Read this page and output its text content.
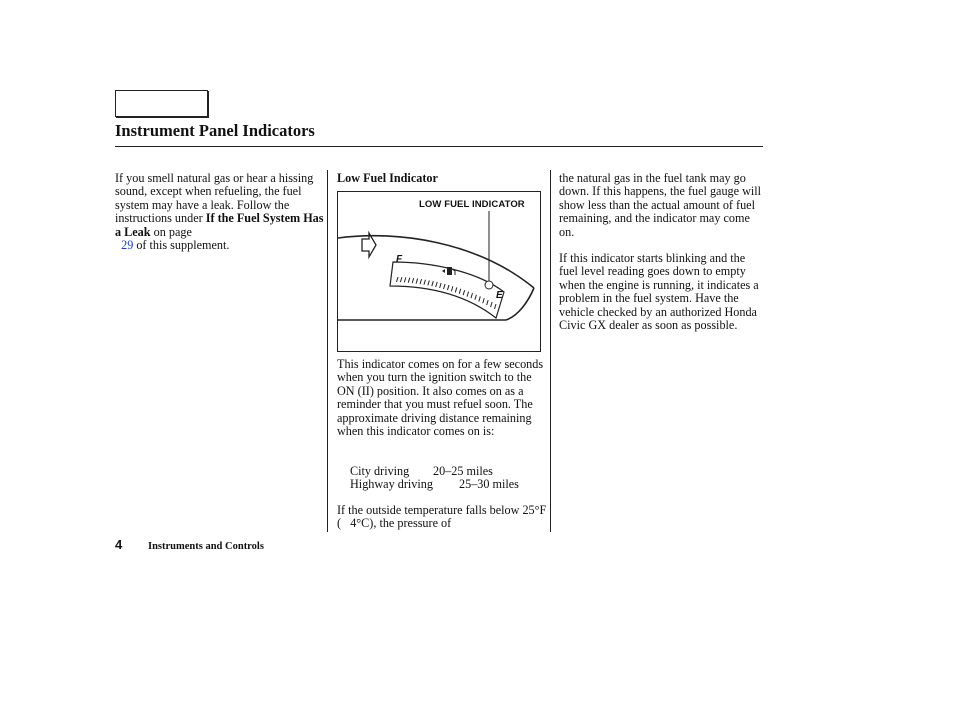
Instrument Panel Indicators

If you smell natural gas or hear a hissing sound, except when refueling, the fuel system may have a leak. Follow the instructions under If the Fuel System Has a Leak on page
29 of this supplement.

Low Fuel Indicator

LOW FUEL INDICATOR
F
E
This indicator comes on for a few seconds when you turn the ignition switch to the ON (II) position. It also comes on as a reminder that you must refuel soon. The approximate driving distance remaining when this indicator comes on is:
City driving 20–25 miles
Highway driving 25–30 miles
If the outside temperature falls below 25°F (   4°C), the pressure of

the natural gas in the fuel tank may go down. If this happens, the fuel gauge will show less than the actual amount of fuel remaining, and the indicator may come on.

If this indicator starts blinking and the fuel level reading goes down to empty when the engine is running, it indicates a problem in the fuel system. Have the vehicle checked by an authorized Honda Civic GX dealer as soon as possible.

4 Instruments and Controls
